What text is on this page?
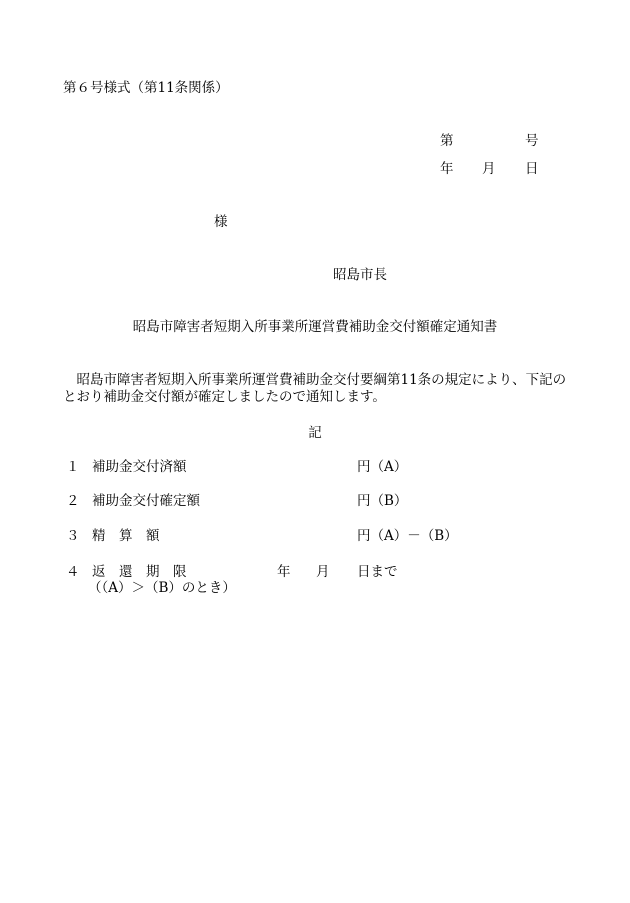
第６号様式（第11条関係）
第	号
年 月 日
様
昭島市長
昭島市障害者短期入所事業所運営費補助金交付額確定通知書
昭島市障害者短期入所事業所運営費補助金交付要綱第11条の規定により、下記のとおり補助金交付額が確定しましたので通知します。
記
１ 補助金交付済額	円（A）
２ 補助金交付確定額	円（B）
３ 精　算　額	円（A）－（B）
４ 返　還　期　限	年 月 日まで
（（A）＞（B）のとき）
